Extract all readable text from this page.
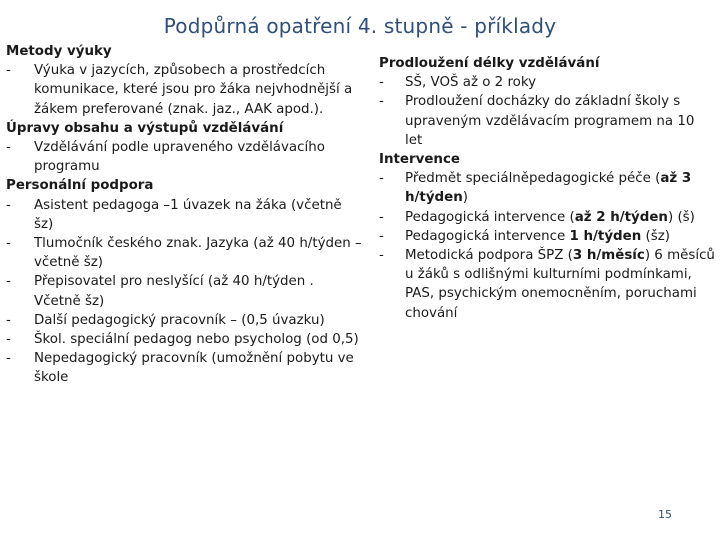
Podpůrná opatření 4. stupně - příklady
Metody výuky
-	Výuka v jazycích, způsobech a prostředcích komunikace, které jsou pro žáka nejvhodnější a žákem preferované (znak. jaz., AAK apod.).
Úpravy obsahu a výstupů vzdělávání
-	Vzdělávání podle upraveného vzdělávacího programu
Personální podpora
-	Asistent pedagoga –1 úvazek na žáka (včetně šz)
-	Tlumočník českého znak. Jazyka (až 40 h/týden – včetně šz)
-	Přepisovatel pro neslyšící (až 40 h/týden . Včetně šz)
-	Další pedagogický pracovník – (0,5 úvazku)
-	Škol. speciální pedagog nebo psycholog (od 0,5)
-	Nepedagogický pracovník (umožnění pobytu ve škole
Prodloužení délky vzdělávání
-	SŠ, VOŠ až o 2 roky
-	Prodloužení docházky do základní školy s upraveným vzdělávacím programem na 10 let
Intervence
-	Předmět speciálněpedagogické péče (až 3 h/týden)
-	Pedagogická intervence (až 2 h/týden) (š)
-	Pedagogická intervence 1 h/týden (šz)
-	Metodická podpora ŠPZ (3 h/měsíc) 6 měsíců u žáků s odlišnými kulturními podmínkami, PAS, psychickým onemocněním, poruchami chování
15
